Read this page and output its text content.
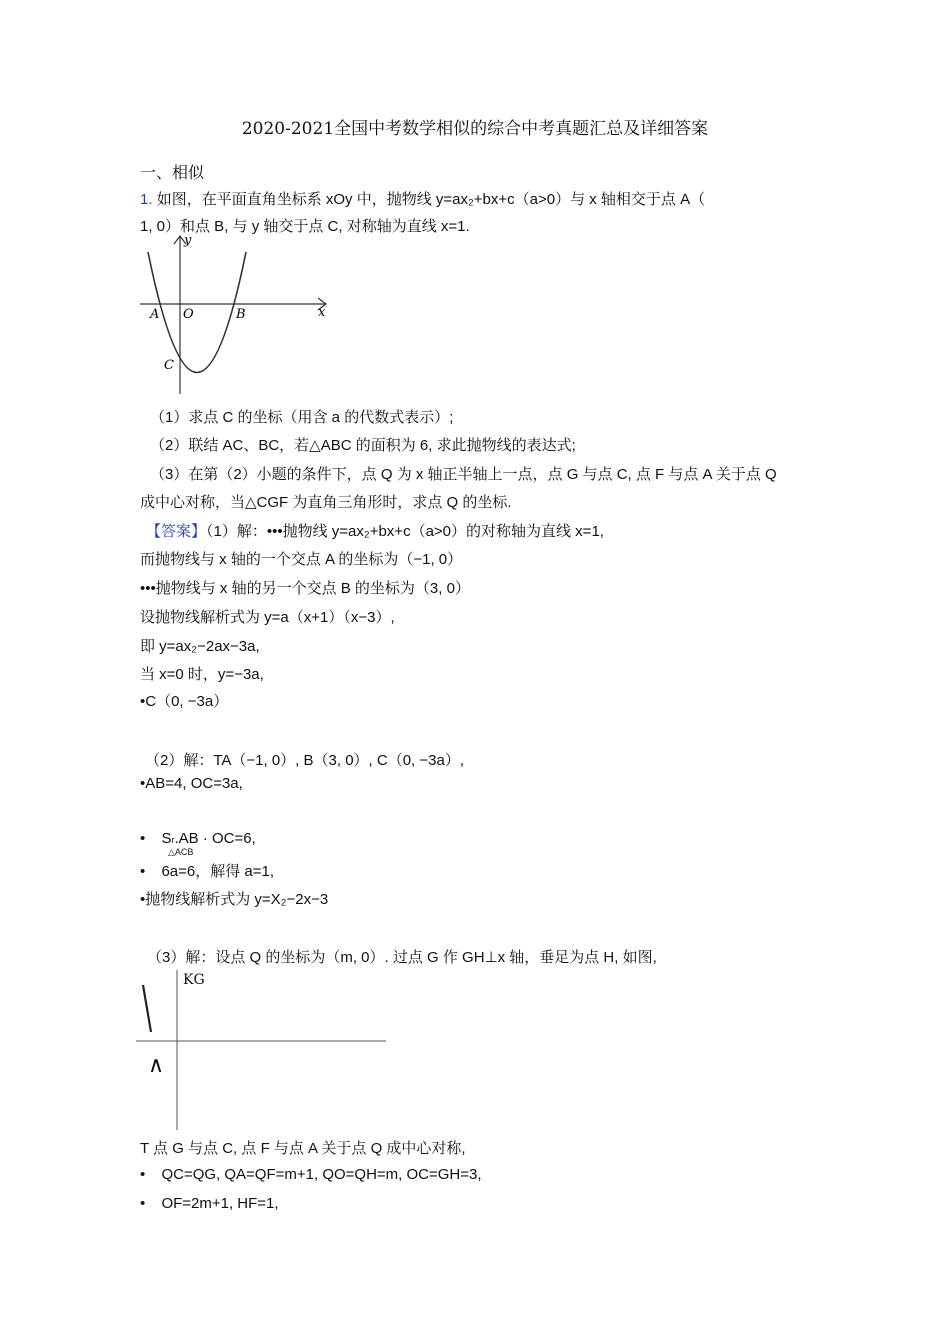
2020-2021全国中考数学相似的综合中考真题汇总及详细答案
一、相似
1. 如图，在平面直角坐标系 xOy 中，抛物线 y=ax₂+bx+c（a>0）与 x 轴相交于点 A（
1, 0）和点 B, 与 y 轴交于点 C, 对称轴为直线 x=1.
y
x
A O	B
C
（1）求点 C 的坐标（用含 a 的代数式表示）;
（2）联结 AC、BC，若△ABC 的面积为 6, 求此抛物线的表达式;
（3）在第（2）小题的条件下，点 Q 为 x 轴正半轴上一点，点 G 与点 C, 点 F 与点 A 关于点 Q
成中心对称，当△CGF 为直角三角形时，求点 Q 的坐标.
【答案】（1）解：•••抛物线 y=ax₂+bx+c（a>0）的对称轴为直线 x=1,
而抛物线与 x 轴的一个交点 A 的坐标为（−1, 0）
•••抛物线与 x 轴的另一个交点 B 的坐标为（3, 0）
设抛物线解析式为 y=a（x+1）（x−3）,
即 y=ax₂−2ax−3a,
当 x=0 时，y=−3a,
•C（0, −3a）
（2）解：TA（−1, 0）, B（3, 0）, C（0, −3a）,
•AB=4, OC=3a,
• Sr.AB · OC=6,
△ACB
• 6a=6，解得 a=1,
•抛物线解析式为 y=X₂−2x−3
（3）解：设点 Q 的坐标为（m, 0）. 过点 G 作 GH⊥x 轴，垂足为点 H, 如图,
KG
∧
T 点 G 与点 C, 点 F 与点 A 关于点 Q 成中心对称,
• QC=QG, QA=QF=m+1, QO=QH=m, OC=GH=3,
• OF=2m+1, HF=1,
